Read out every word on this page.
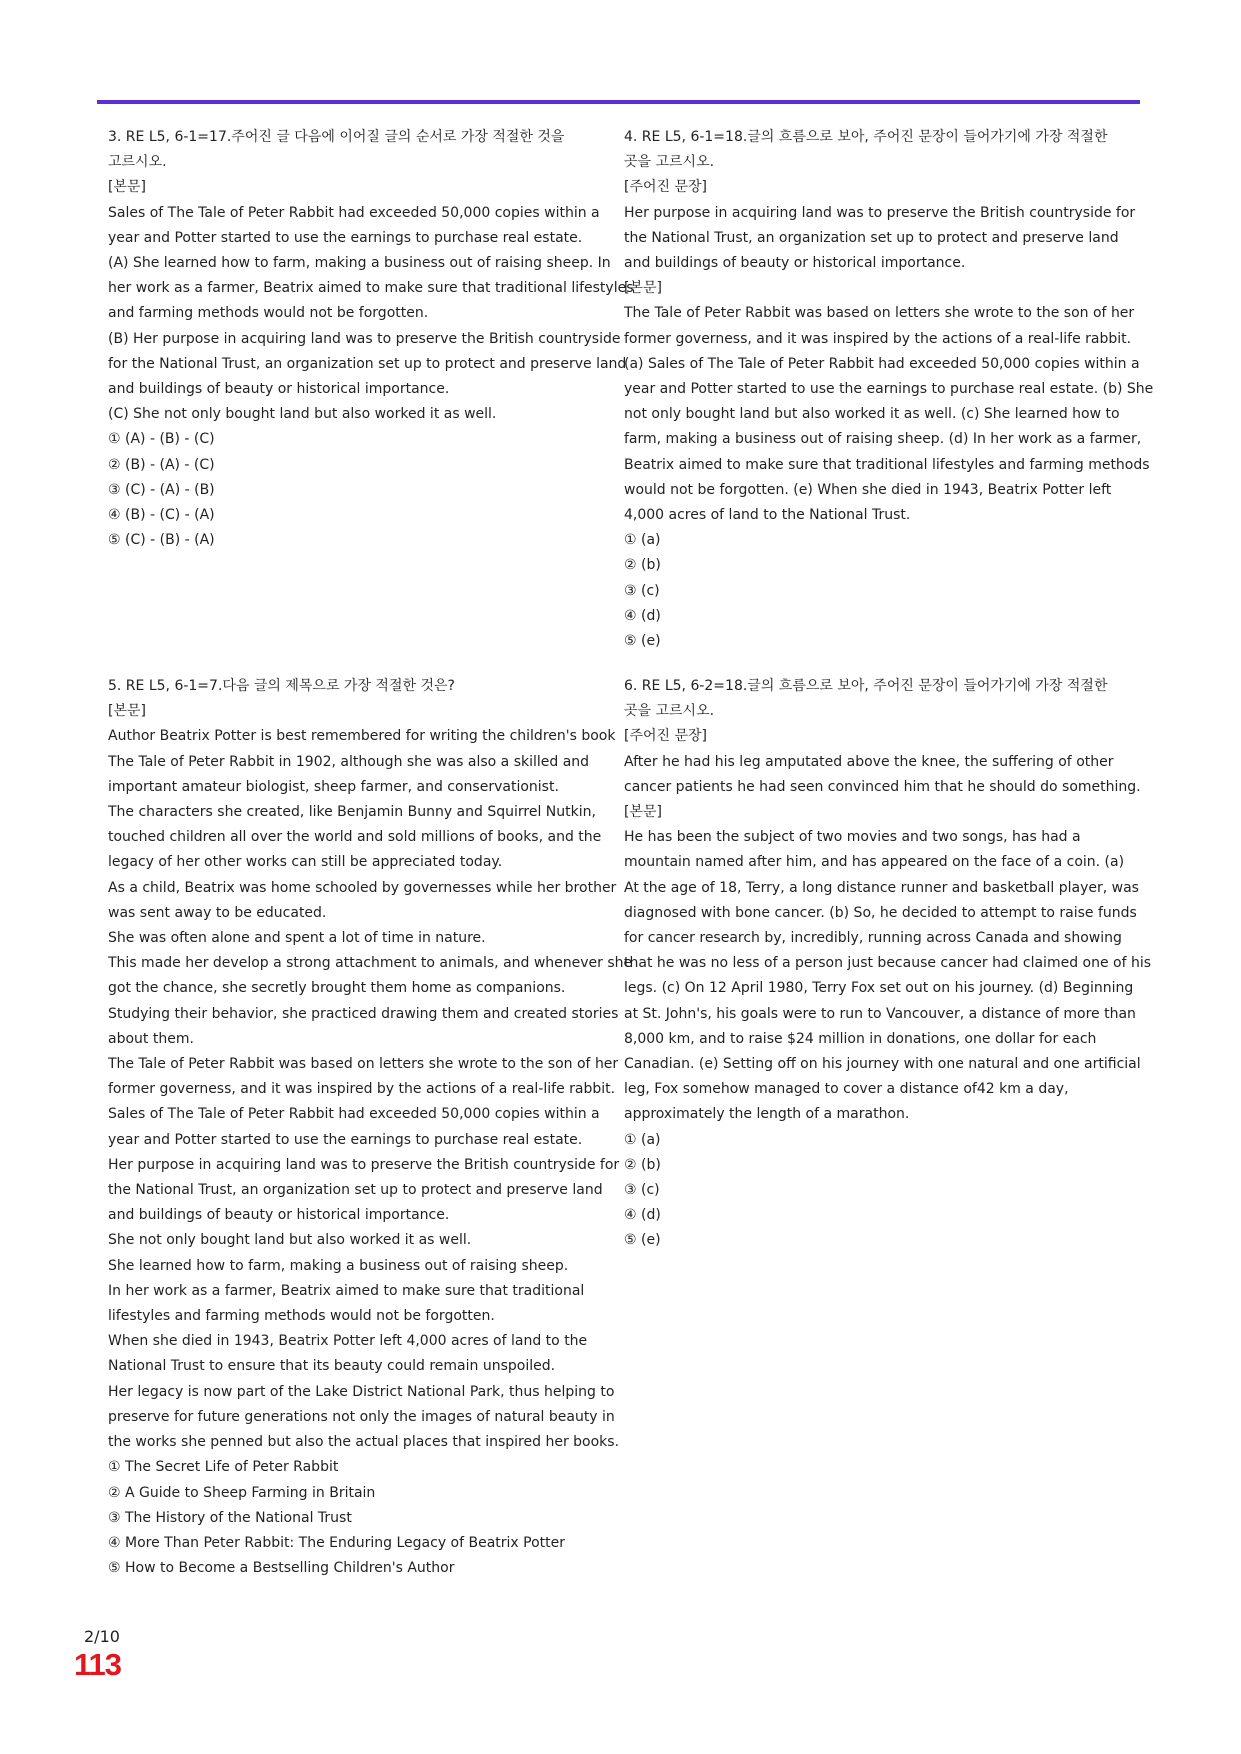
3. RE L5, 6-1=17.주어진 글 다음에 이어질 글의 순서로 가장 적절한 것을
고르시오.
[본문]
Sales of The Tale of Peter Rabbit had exceeded 50,000 copies within a
year and Potter started to use the earnings to purchase real estate.
(A) She learned how to farm, making a business out of raising sheep. In
her work as a farmer, Beatrix aimed to make sure that traditional lifestyles
and farming methods would not be forgotten.
(B) Her purpose in acquiring land was to preserve the British countryside
for the National Trust, an organization set up to protect and preserve land
and buildings of beauty or historical importance.
(C) She not only bought land but also worked it as well.
① (A) - (B) - (C)
② (B) - (A) - (C)
③ (C) - (A) - (B)
④ (B) - (C) - (A)
⑤ (C) - (B) - (A)
4. RE L5, 6-1=18.글의 흐름으로 보아, 주어진 문장이 들어가기에 가장 적절한
곳을 고르시오.
[주어진 문장]
Her purpose in acquiring land was to preserve the British countryside for
the National Trust, an organization set up to protect and preserve land
and buildings of beauty or historical importance.
[본문]
The Tale of Peter Rabbit was based on letters she wrote to the son of her
former governess, and it was inspired by the actions of a real-life rabbit.
(a) Sales of The Tale of Peter Rabbit had exceeded 50,000 copies within a
year and Potter started to use the earnings to purchase real estate. (b) She
not only bought land but also worked it as well. (c) She learned how to
farm, making a business out of raising sheep. (d) In her work as a farmer,
Beatrix aimed to make sure that traditional lifestyles and farming methods
would not be forgotten. (e) When she died in 1943, Beatrix Potter left
4,000 acres of land to the National Trust.
① (a)
② (b)
③ (c)
④ (d)
⑤ (e)
5. RE L5, 6-1=7.다음 글의 제목으로 가장 적절한 것은?
[본문]
Author Beatrix Potter is best remembered for writing the children's book
The Tale of Peter Rabbit in 1902, although she was also a skilled and
important amateur biologist, sheep farmer, and conservationist.
The characters she created, like Benjamin Bunny and Squirrel Nutkin,
touched children all over the world and sold millions of books, and the
legacy of her other works can still be appreciated today.
As a child, Beatrix was home schooled by governesses while her brother
was sent away to be educated.
She was often alone and spent a lot of time in nature.
This made her develop a strong attachment to animals, and whenever she
got the chance, she secretly brought them home as companions.
Studying their behavior, she practiced drawing them and created stories
about them.
The Tale of Peter Rabbit was based on letters she wrote to the son of her
former governess, and it was inspired by the actions of a real-life rabbit.
Sales of The Tale of Peter Rabbit had exceeded 50,000 copies within a
year and Potter started to use the earnings to purchase real estate.
Her purpose in acquiring land was to preserve the British countryside for
the National Trust, an organization set up to protect and preserve land
and buildings of beauty or historical importance.
She not only bought land but also worked it as well.
She learned how to farm, making a business out of raising sheep.
In her work as a farmer, Beatrix aimed to make sure that traditional
lifestyles and farming methods would not be forgotten.
When she died in 1943, Beatrix Potter left 4,000 acres of land to the
National Trust to ensure that its beauty could remain unspoiled.
Her legacy is now part of the Lake District National Park, thus helping to
preserve for future generations not only the images of natural beauty in
the works she penned but also the actual places that inspired her books.
① The Secret Life of Peter Rabbit
② A Guide to Sheep Farming in Britain
③ The History of the National Trust
④ More Than Peter Rabbit: The Enduring Legacy of Beatrix Potter
⑤ How to Become a Bestselling Children's Author
6. RE L5, 6-2=18.글의 흐름으로 보아, 주어진 문장이 들어가기에 가장 적절한
곳을 고르시오.
[주어진 문장]
After he had his leg amputated above the knee, the suffering of other
cancer patients he had seen convinced him that he should do something.
[본문]
He has been the subject of two movies and two songs, has had a
mountain named after him, and has appeared on the face of a coin. (a)
At the age of 18, Terry, a long distance runner and basketball player, was
diagnosed with bone cancer. (b) So, he decided to attempt to raise funds
for cancer research by, incredibly, running across Canada and showing
that he was no less of a person just because cancer had claimed one of his
legs. (c) On 12 April 1980, Terry Fox set out on his journey. (d) Beginning
at St. John's, his goals were to run to Vancouver, a distance of more than
8,000 km, and to raise $24 million in donations, one dollar for each
Canadian. (e) Setting off on his journey with one natural and one artificial
leg, Fox somehow managed to cover a distance of42 km a day,
approximately the length of a marathon.
① (a)
② (b)
③ (c)
④ (d)
⑤ (e)
2/10
113
